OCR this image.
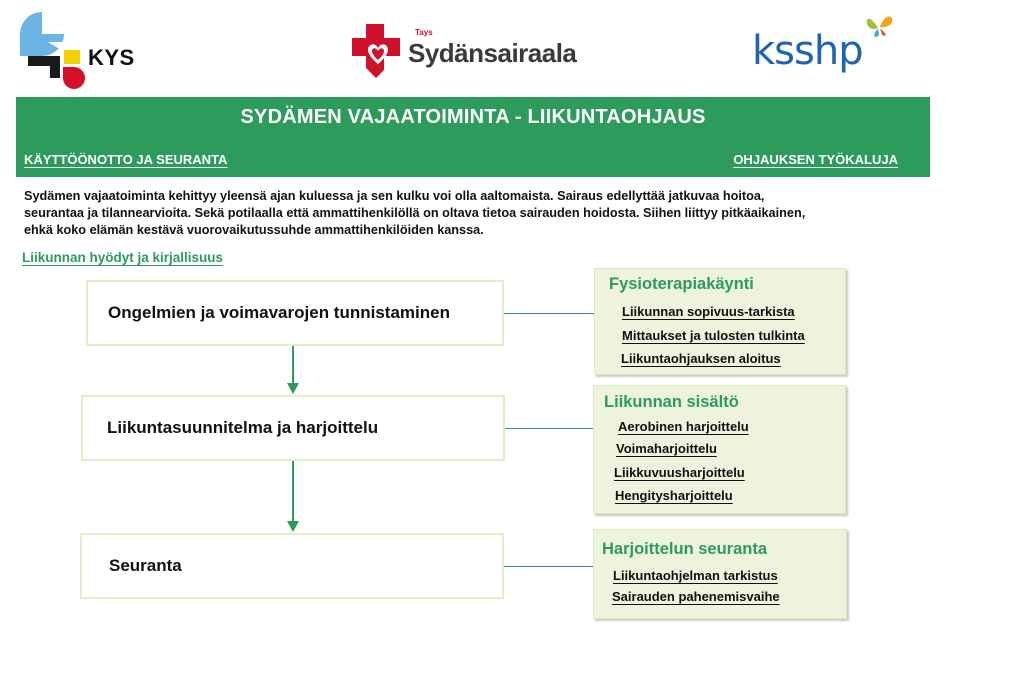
KYS
Tays
Sydänsairaala	ksshp
SYDÄMEN VAJAATOIMINTA - LIIKUNTAOHJAUS
KÄYTTÖÖNOTTO JA SEURANTA	OHJAUKSEN TYÖKALUJA
Sydämen vajaatoiminta kehittyy yleensä ajan kuluessa ja sen kulku voi olla aaltomaista. Sairaus edellyttää jatkuvaa hoitoa,
seurantaa ja tilannearvioita. Sekä potilaalla että ammattihenkilöllä on oltava tietoa sairauden hoidosta. Siihen liittyy pitkäaikainen,
ehkä koko elämän kestävä vuorovaikutussuhde ammattihenkilöiden kanssa.
Liikunnan hyödyt ja kirjallisuus
Ongelmien ja voimavarojen tunnistaminen
Liikuntasuunnitelma ja harjoittelu
Seuranta
Fysioterapiakäynti
Liikunnan sopivuus-tarkista
Mittaukset ja tulosten tulkinta
Liikuntaohjauksen aloitus
Liikunnan sisältö
Aerobinen harjoittelu
Voimaharjoittelu
Liikkuvuusharjoittelu
Hengitysharjoittelu
Harjoittelun seuranta
Liikuntaohjelman tarkistus
Sairauden pahenemisvaihe
